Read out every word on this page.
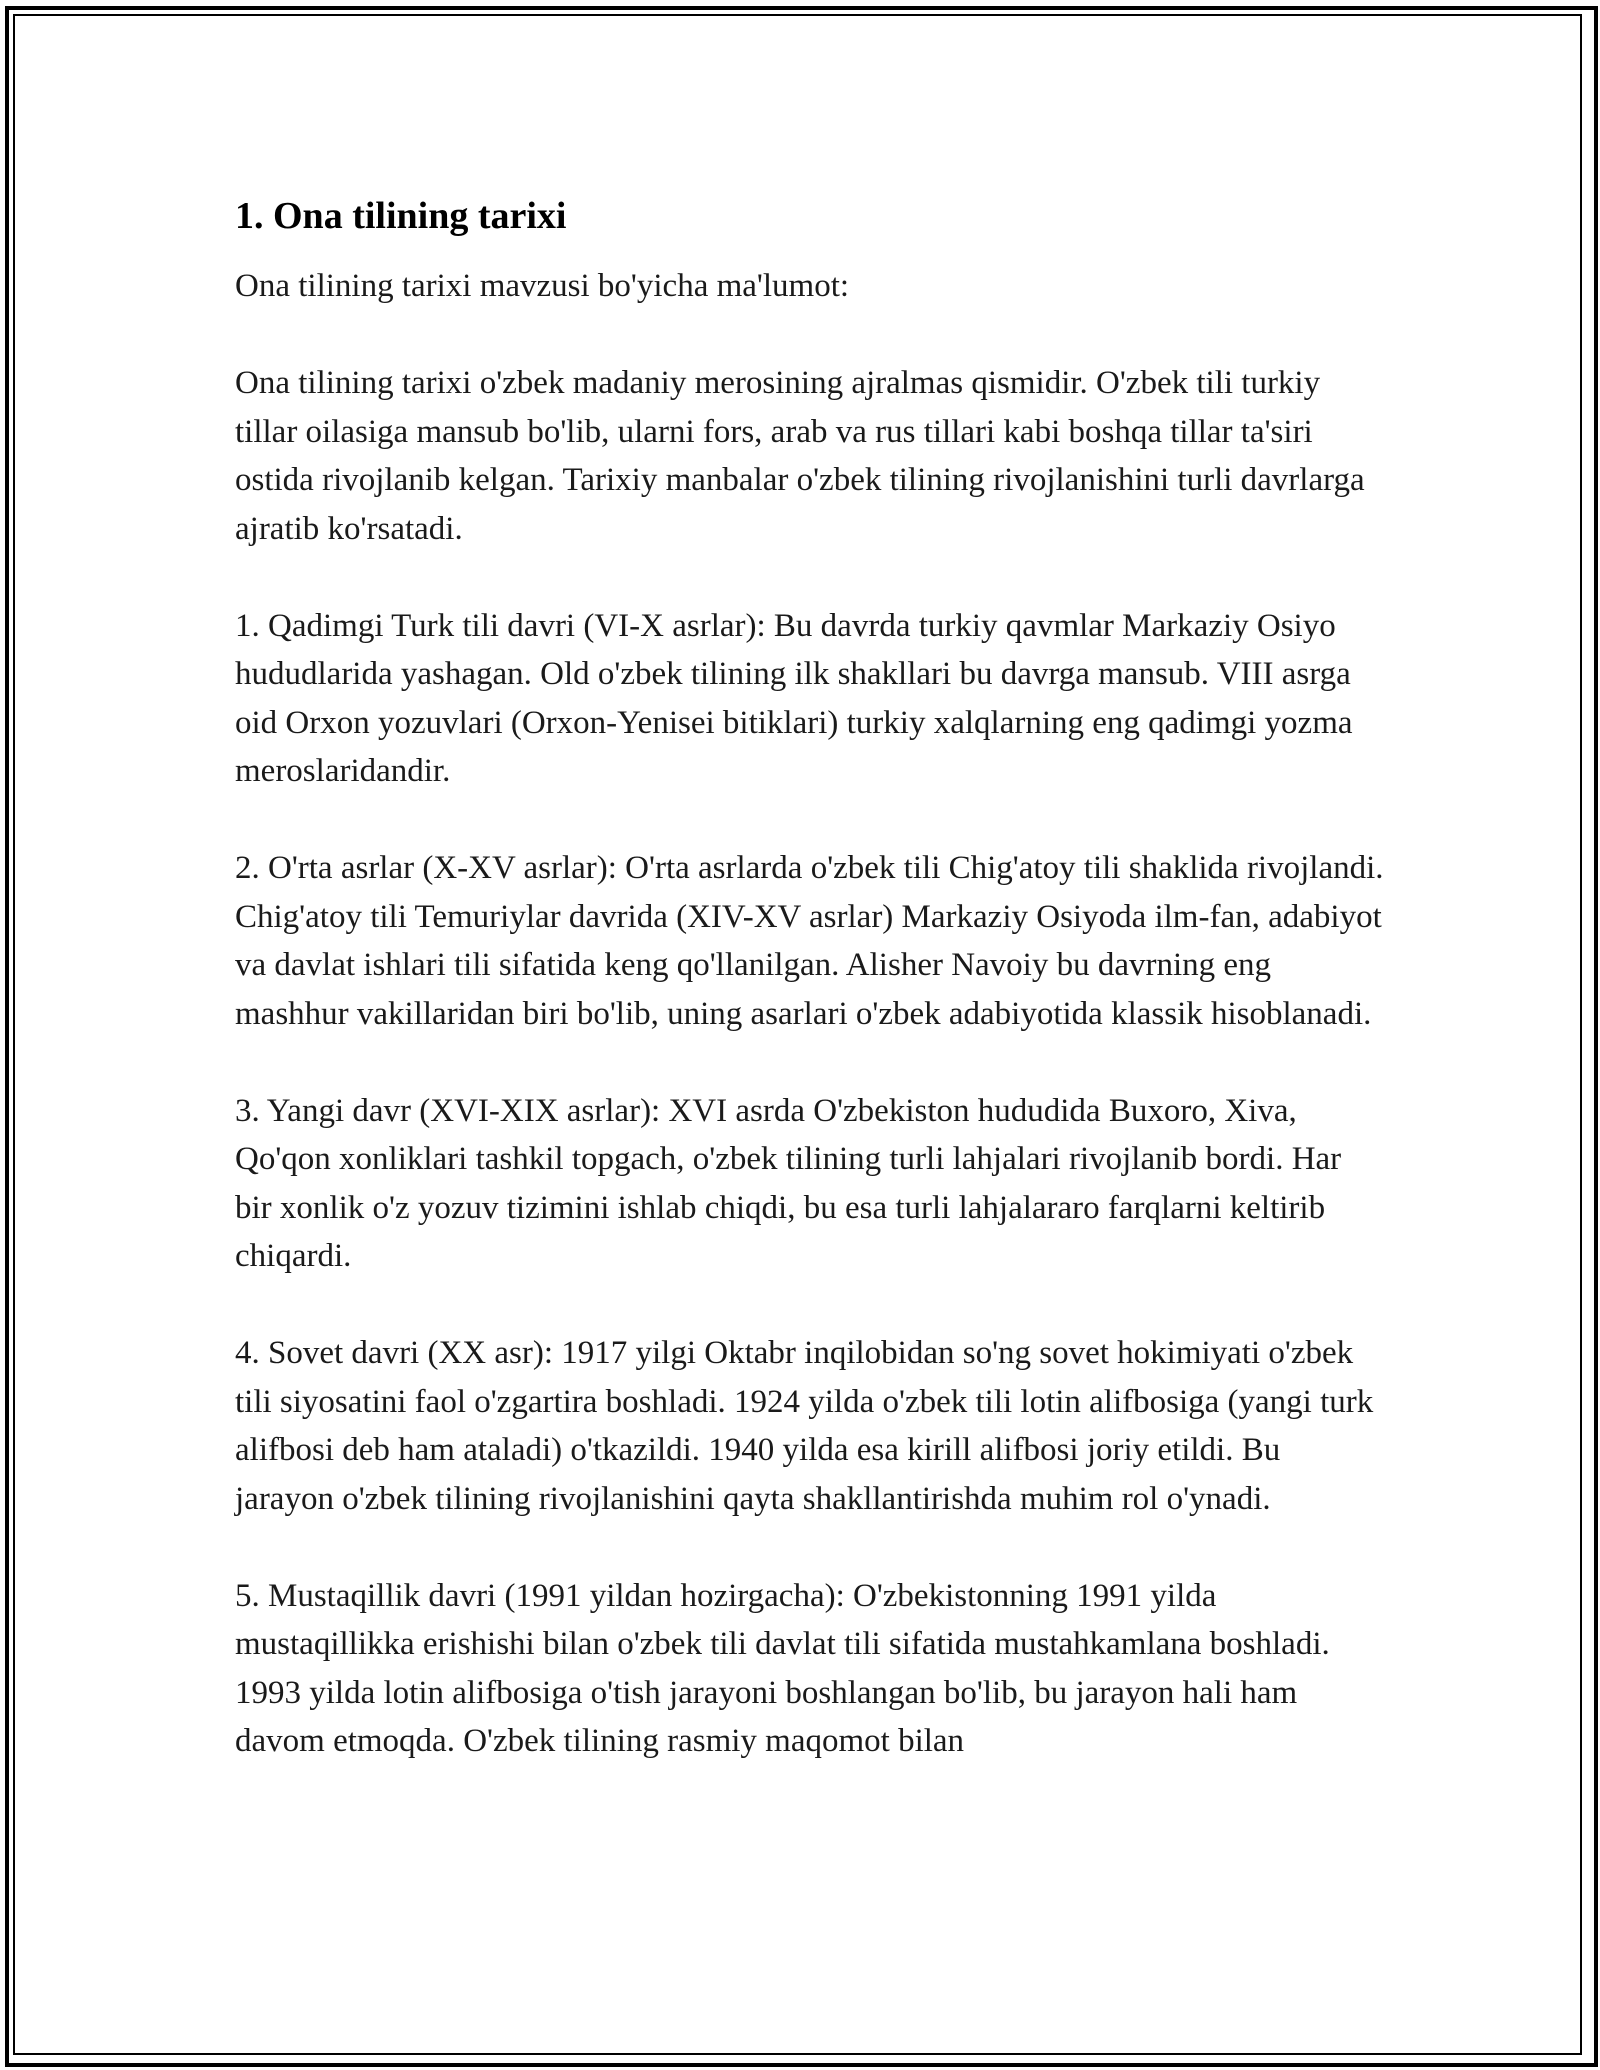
1. Ona tilining tarixi

Ona tilining tarixi mavzusi bo'yicha ma'lumot:

Ona tilining tarixi o'zbek madaniy merosining ajralmas qismidir. O'zbek tili turkiy tillar oilasiga mansub bo'lib, ularni fors, arab va rus tillari kabi boshqa tillar ta'siri ostida rivojlanib kelgan. Tarixiy manbalar o'zbek tilining rivojlanishini turli davrlarga ajratib ko'rsatadi.

1. Qadimgi Turk tili davri (VI-X asrlar): Bu davrda turkiy qavmlar Markaziy Osiyo hududlarida yashagan. Old o'zbek tilining ilk shakllari bu davrga mansub. VIII asrga oid Orxon yozuvlari (Orxon-Yenisei bitiklari) turkiy xalqlarning eng qadimgi yozma meroslaridandir.

2. O'rta asrlar (X-XV asrlar): O'rta asrlarda o'zbek tili Chig'atoy tili shaklida rivojlandi. Chig'atoy tili Temuriylar davrida (XIV-XV asrlar) Markaziy Osiyoda ilm-fan, adabiyot va davlat ishlari tili sifatida keng qo'llanilgan. Alisher Navoiy bu davrning eng mashhur vakillaridan biri bo'lib, uning asarlari o'zbek adabiyotida klassik hisoblanadi.

3. Yangi davr (XVI-XIX asrlar): XVI asrda O'zbekiston hududida Buxoro, Xiva, Qo'qon xonliklari tashkil topgach, o'zbek tilining turli lahjalari rivojlanib bordi. Har bir xonlik o'z yozuv tizimini ishlab chiqdi, bu esa turli lahjalararo farqlarni keltirib chiqardi.

4. Sovet davri (XX asr): 1917 yilgi Oktabr inqilobidan so'ng sovet hokimiyati o'zbek tili siyosatini faol o'zgartira boshladi. 1924 yilda o'zbek tili lotin alifbosiga (yangi turk alifbosi deb ham ataladi) o'tkazildi. 1940 yilda esa kirill alifbosi joriy etildi. Bu jarayon o'zbek tilining rivojlanishini qayta shakllantirishda muhim rol o'ynadi.

5. Mustaqillik davri (1991 yildan hozirgacha): O'zbekistonning 1991 yilda mustaqillikka erishishi bilan o'zbek tili davlat tili sifatida mustahkamlana boshladi. 1993 yilda lotin alifbosiga o'tish jarayoni boshlangan bo'lib, bu jarayon hali ham davom etmoqda. O'zbek tilining rasmiy maqomot bilan
